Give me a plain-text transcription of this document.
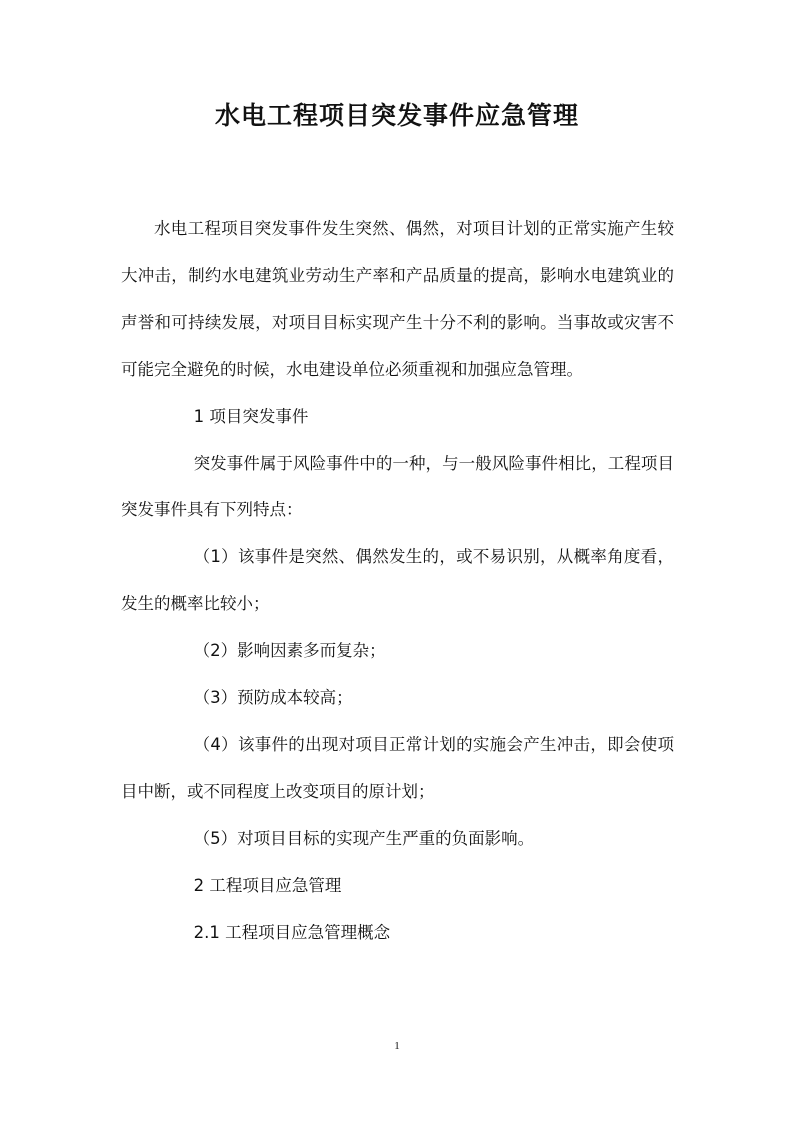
水电工程项目突发事件应急管理

水电工程项目突发事件发生突然、偶然，对项目计划的正常实施产生较大冲击，制约水电建筑业劳动生产率和产品质量的提高，影响水电建筑业的声誉和可持续发展，对项目目标实现产生十分不利的影响。当事故或灾害不可能完全避免的时候，水电建设单位必须重视和加强应急管理。

1 项目突发事件

突发事件属于风险事件中的一种，与一般风险事件相比，工程项目突发事件具有下列特点：

（1）该事件是突然、偶然发生的，或不易识别，从概率角度看，发生的概率比较小；

（2）影响因素多而复杂；

（3）预防成本较高；

（4）该事件的出现对项目正常计划的实施会产生冲击，即会使项目中断，或不同程度上改变项目的原计划；

（5）对项目目标的实现产生严重的负面影响。

2 工程项目应急管理

2.1 工程项目应急管理概念

1
